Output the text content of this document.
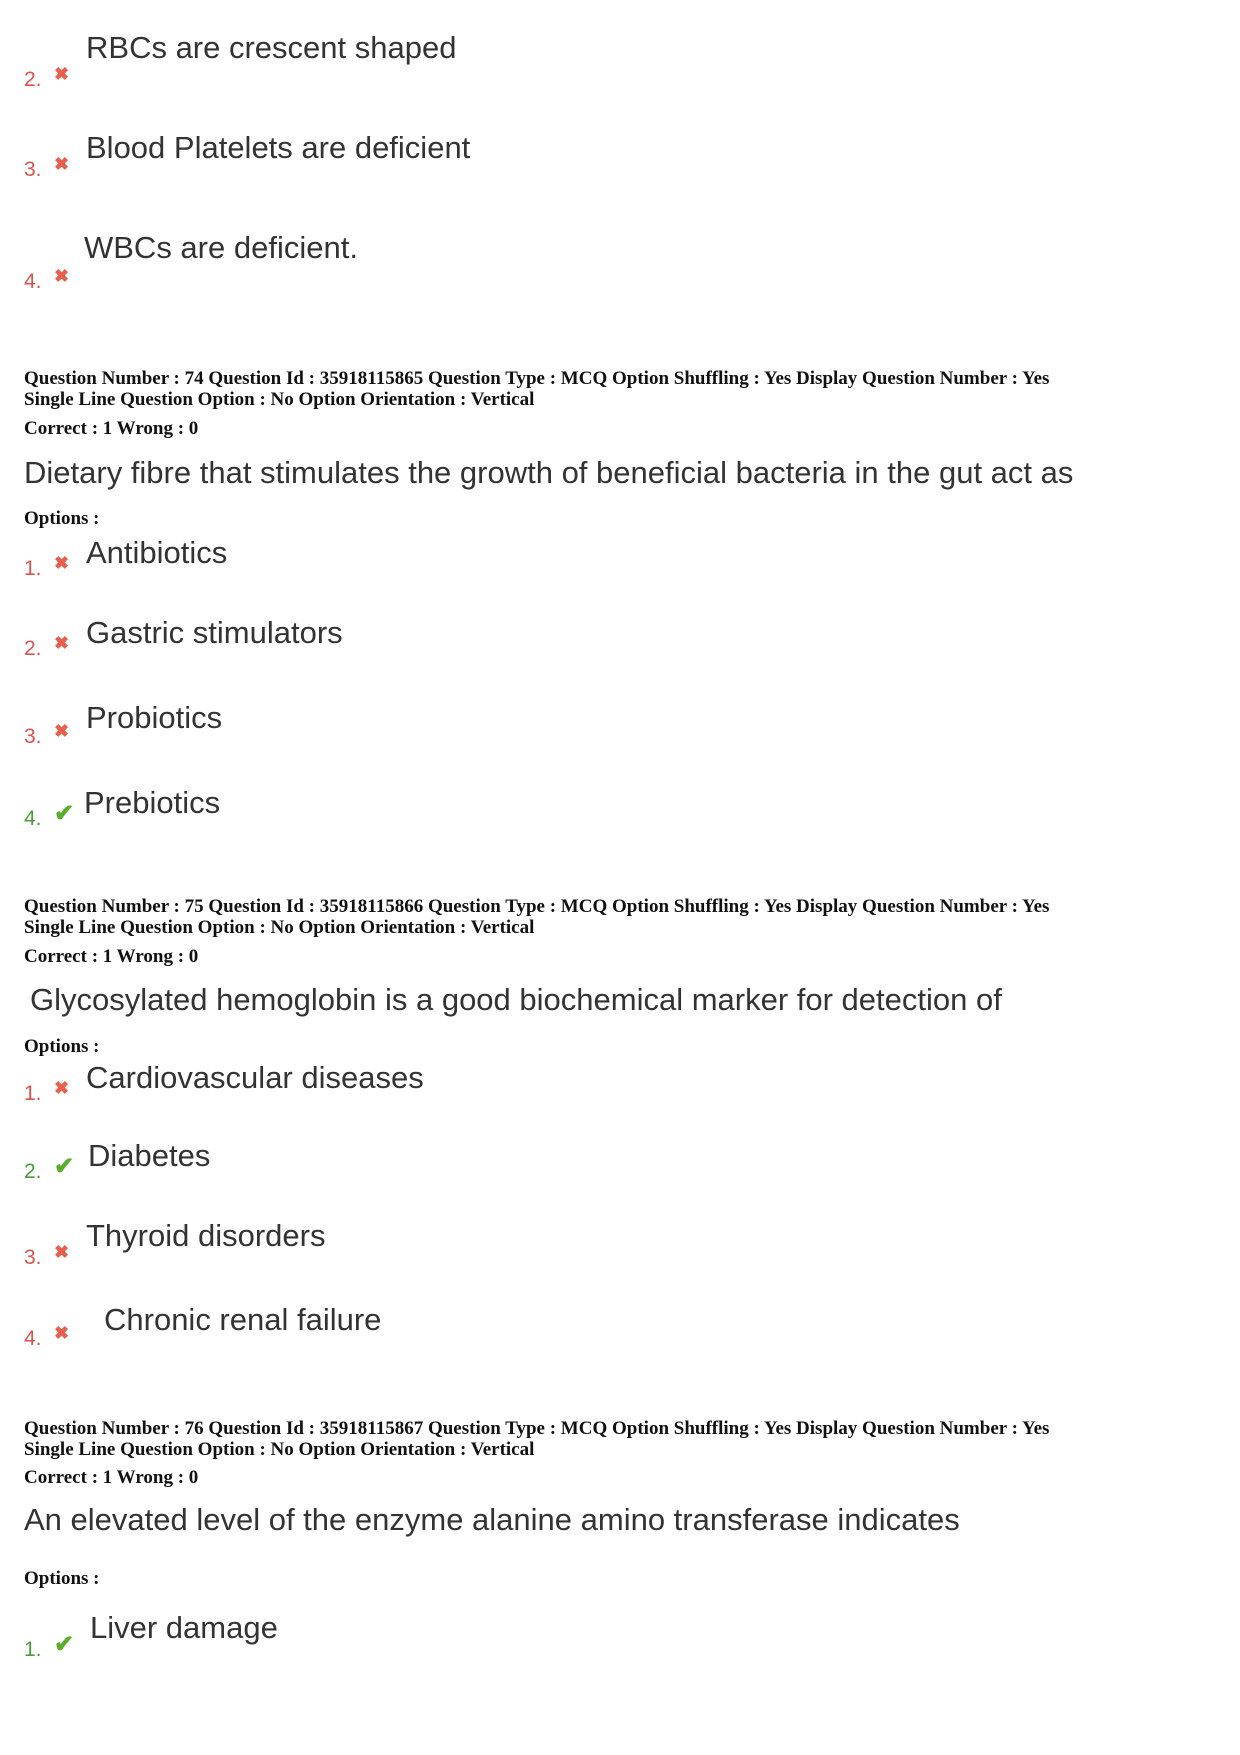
2. ✖
RBCs are crescent shaped
3. ✖ Blood Platelets are deficient
4. ✖
WBCs are deficient.
Question Number : 74 Question Id : 35918115865 Question Type : MCQ Option Shuffling : Yes Display Question Number : Yes
Single Line Question Option : No Option Orientation : Vertical
Correct : 1 Wrong : 0
Dietary fibre that stimulates the growth of beneficial bacteria in the gut act as
Options :
1. ✖ Antibiotics
2. ✖ Gastric stimulators
3. ✖ Probiotics
4. ✔ Prebiotics
Question Number : 75 Question Id : 35918115866 Question Type : MCQ Option Shuffling : Yes Display Question Number : Yes
Single Line Question Option : No Option Orientation : Vertical
Correct : 1 Wrong : 0
Glycosylated hemoglobin is a good biochemical marker for detection of
Options :
1. ✖ Cardiovascular diseases
2. ✔ Diabetes
3. ✖ Thyroid disorders
4. ✖ Chronic renal failure
Question Number : 76 Question Id : 35918115867 Question Type : MCQ Option Shuffling : Yes Display Question Number : Yes
Single Line Question Option : No Option Orientation : Vertical
Correct : 1 Wrong : 0
An elevated level of the enzyme alanine amino transferase indicates
Options :
1. ✔ Liver damage
